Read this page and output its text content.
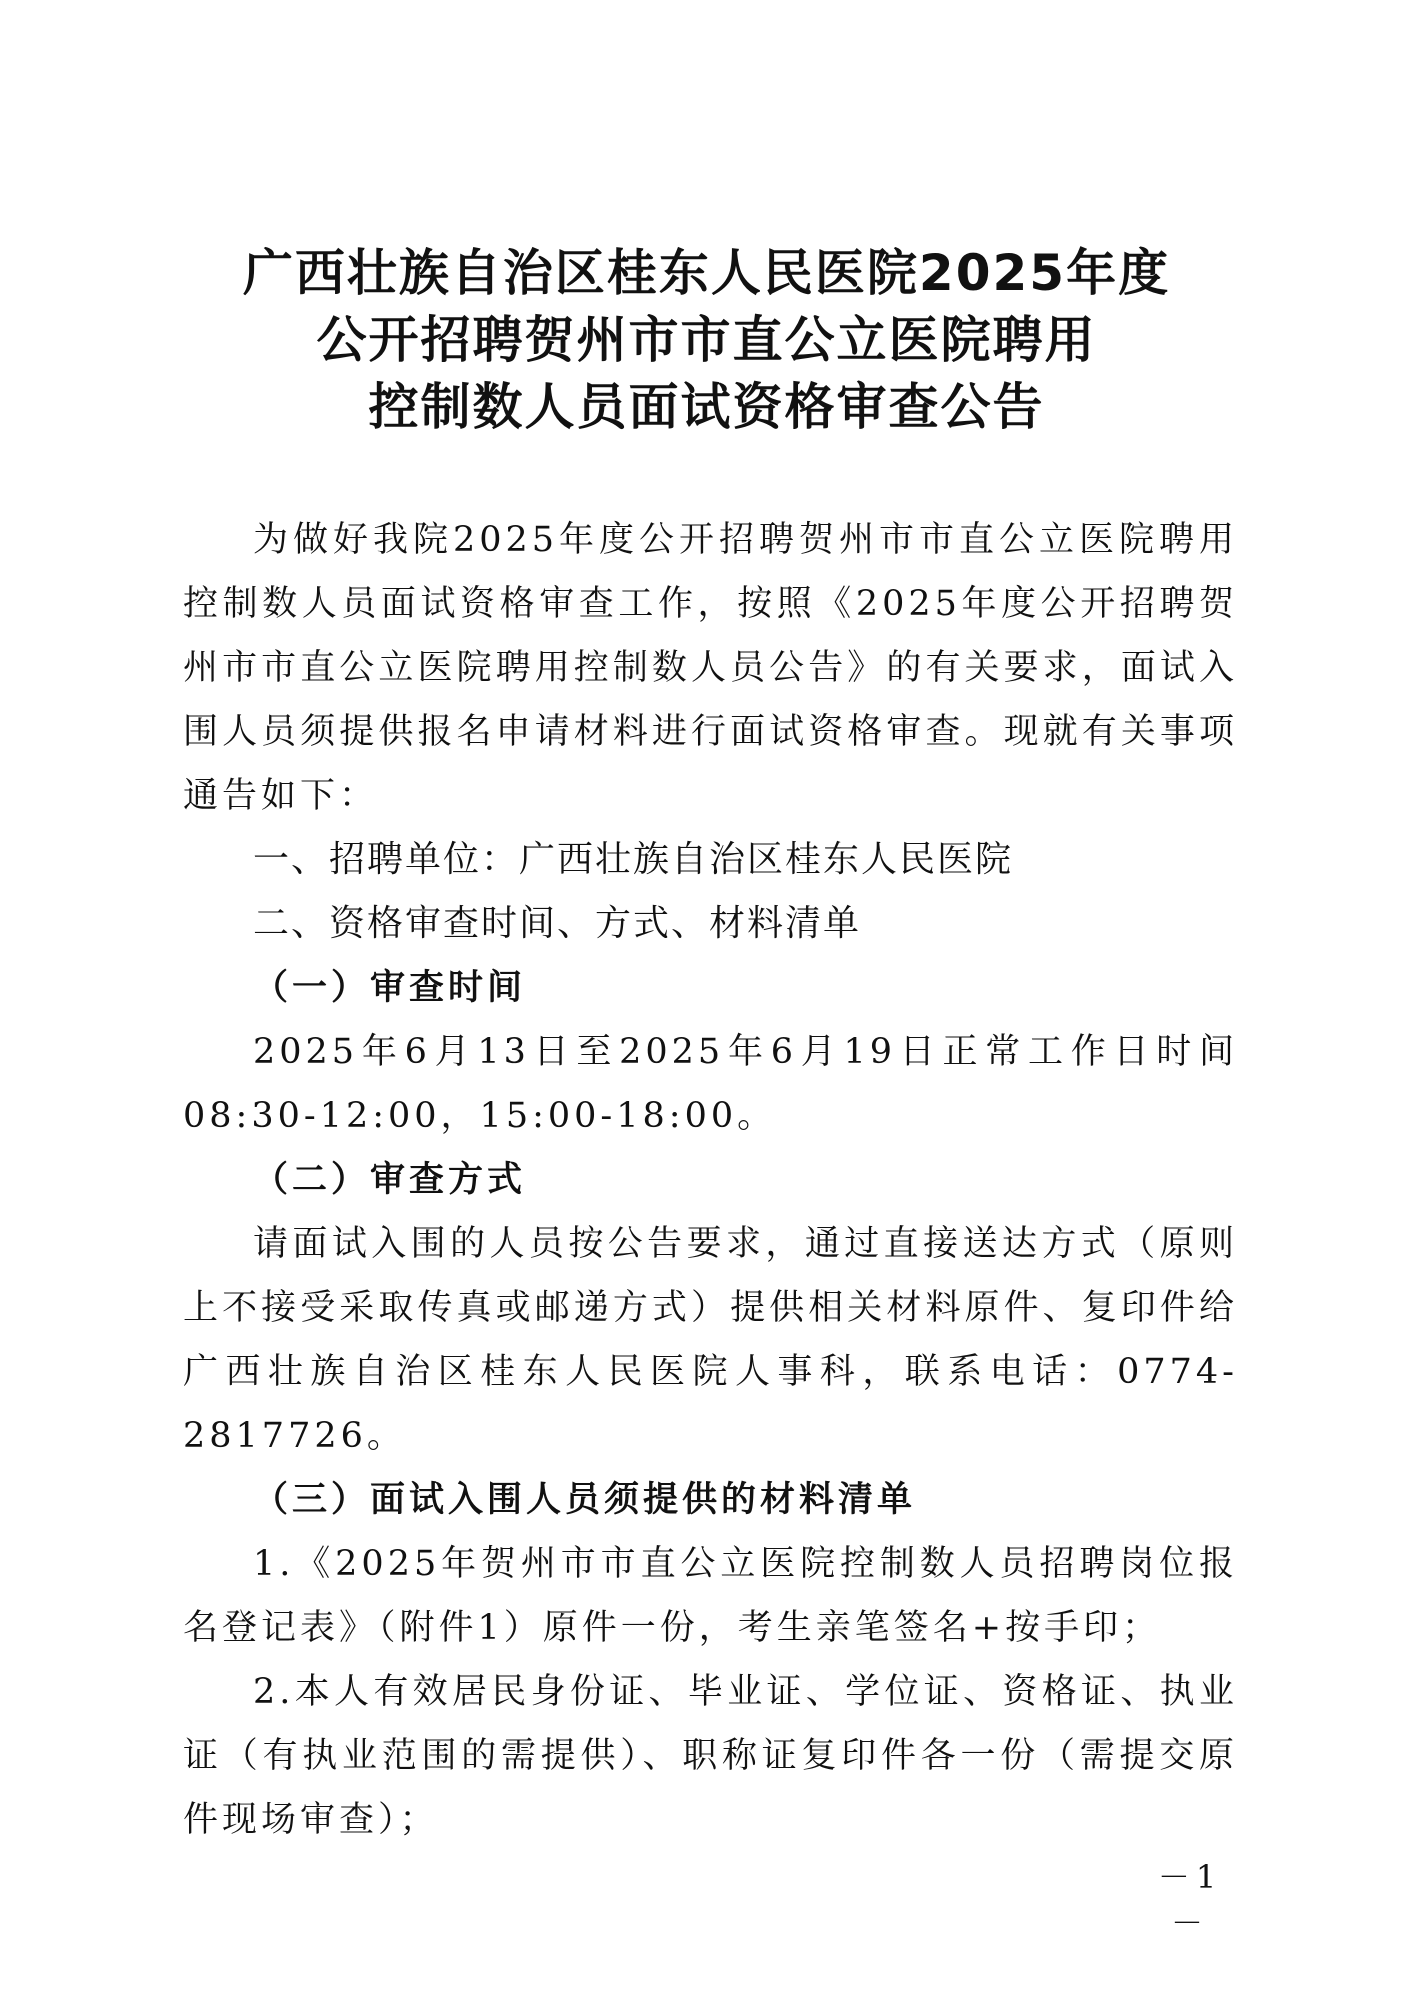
广西壮族自治区桂东人民医院2025年度
公开招聘贺州市市直公立医院聘用
控制数人员面试资格审查公告

为做好我院2025年度公开招聘贺州市市直公立医院聘用控制数人员面试资格审查工作，按照《2025年度公开招聘贺州市市直公立医院聘用控制数人员公告》的有关要求，面试入围人员须提供报名申请材料进行面试资格审查。现就有关事项通告如下：

一、招聘单位：广西壮族自治区桂东人民医院

二、资格审查时间、方式、材料清单

（一）审查时间

2025年6月13日至2025年6月19日正常工作日时间08:30-12:00，15:00-18:00。

（二）审查方式

请面试入围的人员按公告要求，通过直接送达方式（原则上不接受采取传真或邮递方式）提供相关材料原件、复印件给广西壮族自治区桂东人民医院人事科，联系电话：0774-2817726。

（三）面试入围人员须提供的材料清单

1.《2025年贺州市市直公立医院控制数人员招聘岗位报名登记表》（附件1）原件一份，考生亲笔签名+按手印；

2.本人有效居民身份证、毕业证、学位证、资格证、执业证（有执业范围的需提供）、职称证复印件各一份（需提交原件现场审查）；

－1－
